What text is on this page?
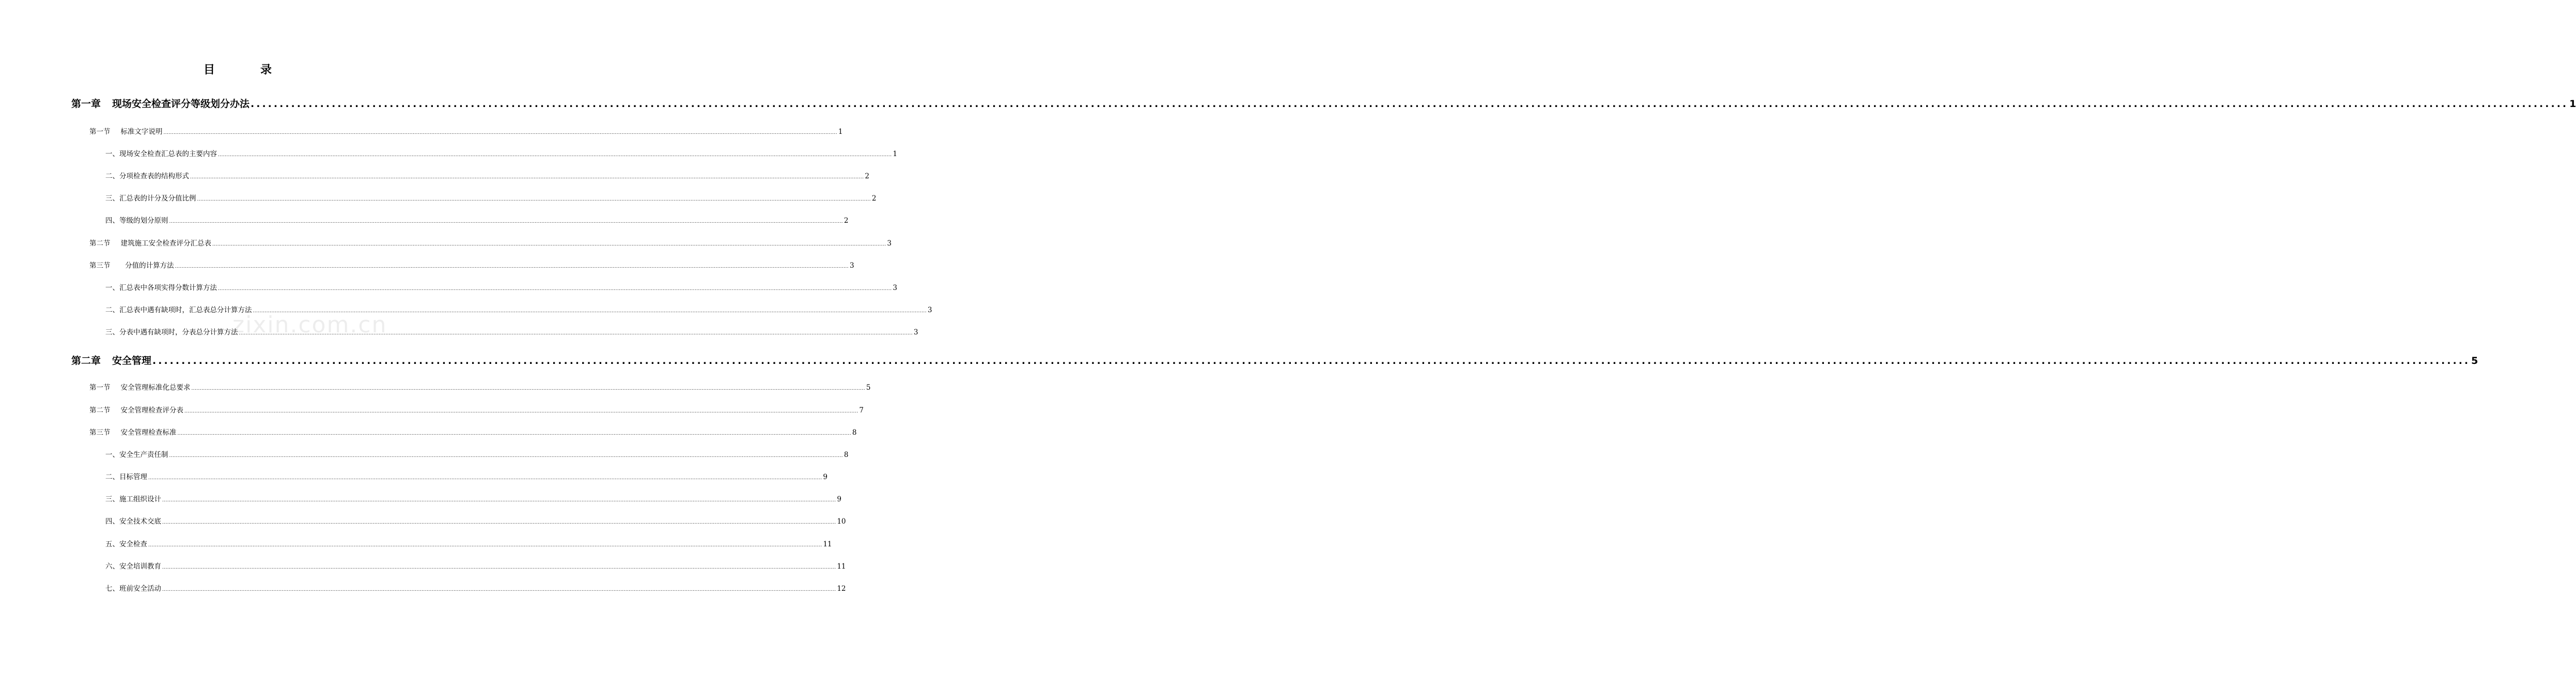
目	录
zixin.com.cn
第一章 现场安全检查评分等级划分办法 ................................................................................................................................................................................................................................................................................................................................................................................................................ 1
第一节 标准文字说明 ................................................................................................................................................................................................................................................................................................................................................................................................................ 1
一、现场安全检查汇总表的主要内容 ................................................................................................................................................................................................................................................................................................................................................................................................................ 1
二、分项检查表的结构形式 ................................................................................................................................................................................................................................................................................................................................................................................................................ 2
三、汇总表的计分及分值比例 ................................................................................................................................................................................................................................................................................................................................................................................................................ 2
四、等级的划分原则 ................................................................................................................................................................................................................................................................................................................................................................................................................ 2
第二节 建筑施工安全检查评分汇总表 ................................................................................................................................................................................................................................................................................................................................................................................................................ 3
第三节  分值的计算方法 ................................................................................................................................................................................................................................................................................................................................................................................................................ 3
一、汇总表中各项实得分数计算方法 ................................................................................................................................................................................................................................................................................................................................................................................................................ 3
二、汇总表中遇有缺项时，汇总表总分计算方法 ................................................................................................................................................................................................................................................................................................................................................................................................................ 3
三、分表中遇有缺项时，分表总分计算方法 ................................................................................................................................................................................................................................................................................................................................................................................................................ 3
第二章 安全管理 ................................................................................................................................................................................................................................................................................................................................................................................................................ 5
第一节 安全管理标准化总要求 ................................................................................................................................................................................................................................................................................................................................................................................................................ 5
第二节 安全管理检查评分表 ................................................................................................................................................................................................................................................................................................................................................................................................................ 7
第三节 安全管理检查标准 ................................................................................................................................................................................................................................................................................................................................................................................................................ 8
一、安全生产责任制 ................................................................................................................................................................................................................................................................................................................................................................................................................ 8
二、目标管理 ................................................................................................................................................................................................................................................................................................................................................................................................................ 9
三、施工组织设计 ................................................................................................................................................................................................................................................................................................................................................................................................................ 9
四、安全技术交底 ................................................................................................................................................................................................................................................................................................................................................................................................................ 10
五、安全检查 ................................................................................................................................................................................................................................................................................................................................................................................................................ 11
六、安全培训教育 ................................................................................................................................................................................................................................................................................................................................................................................................................ 11
七、班前安全活动 ................................................................................................................................................................................................................................................................................................................................................................................................................ 12
